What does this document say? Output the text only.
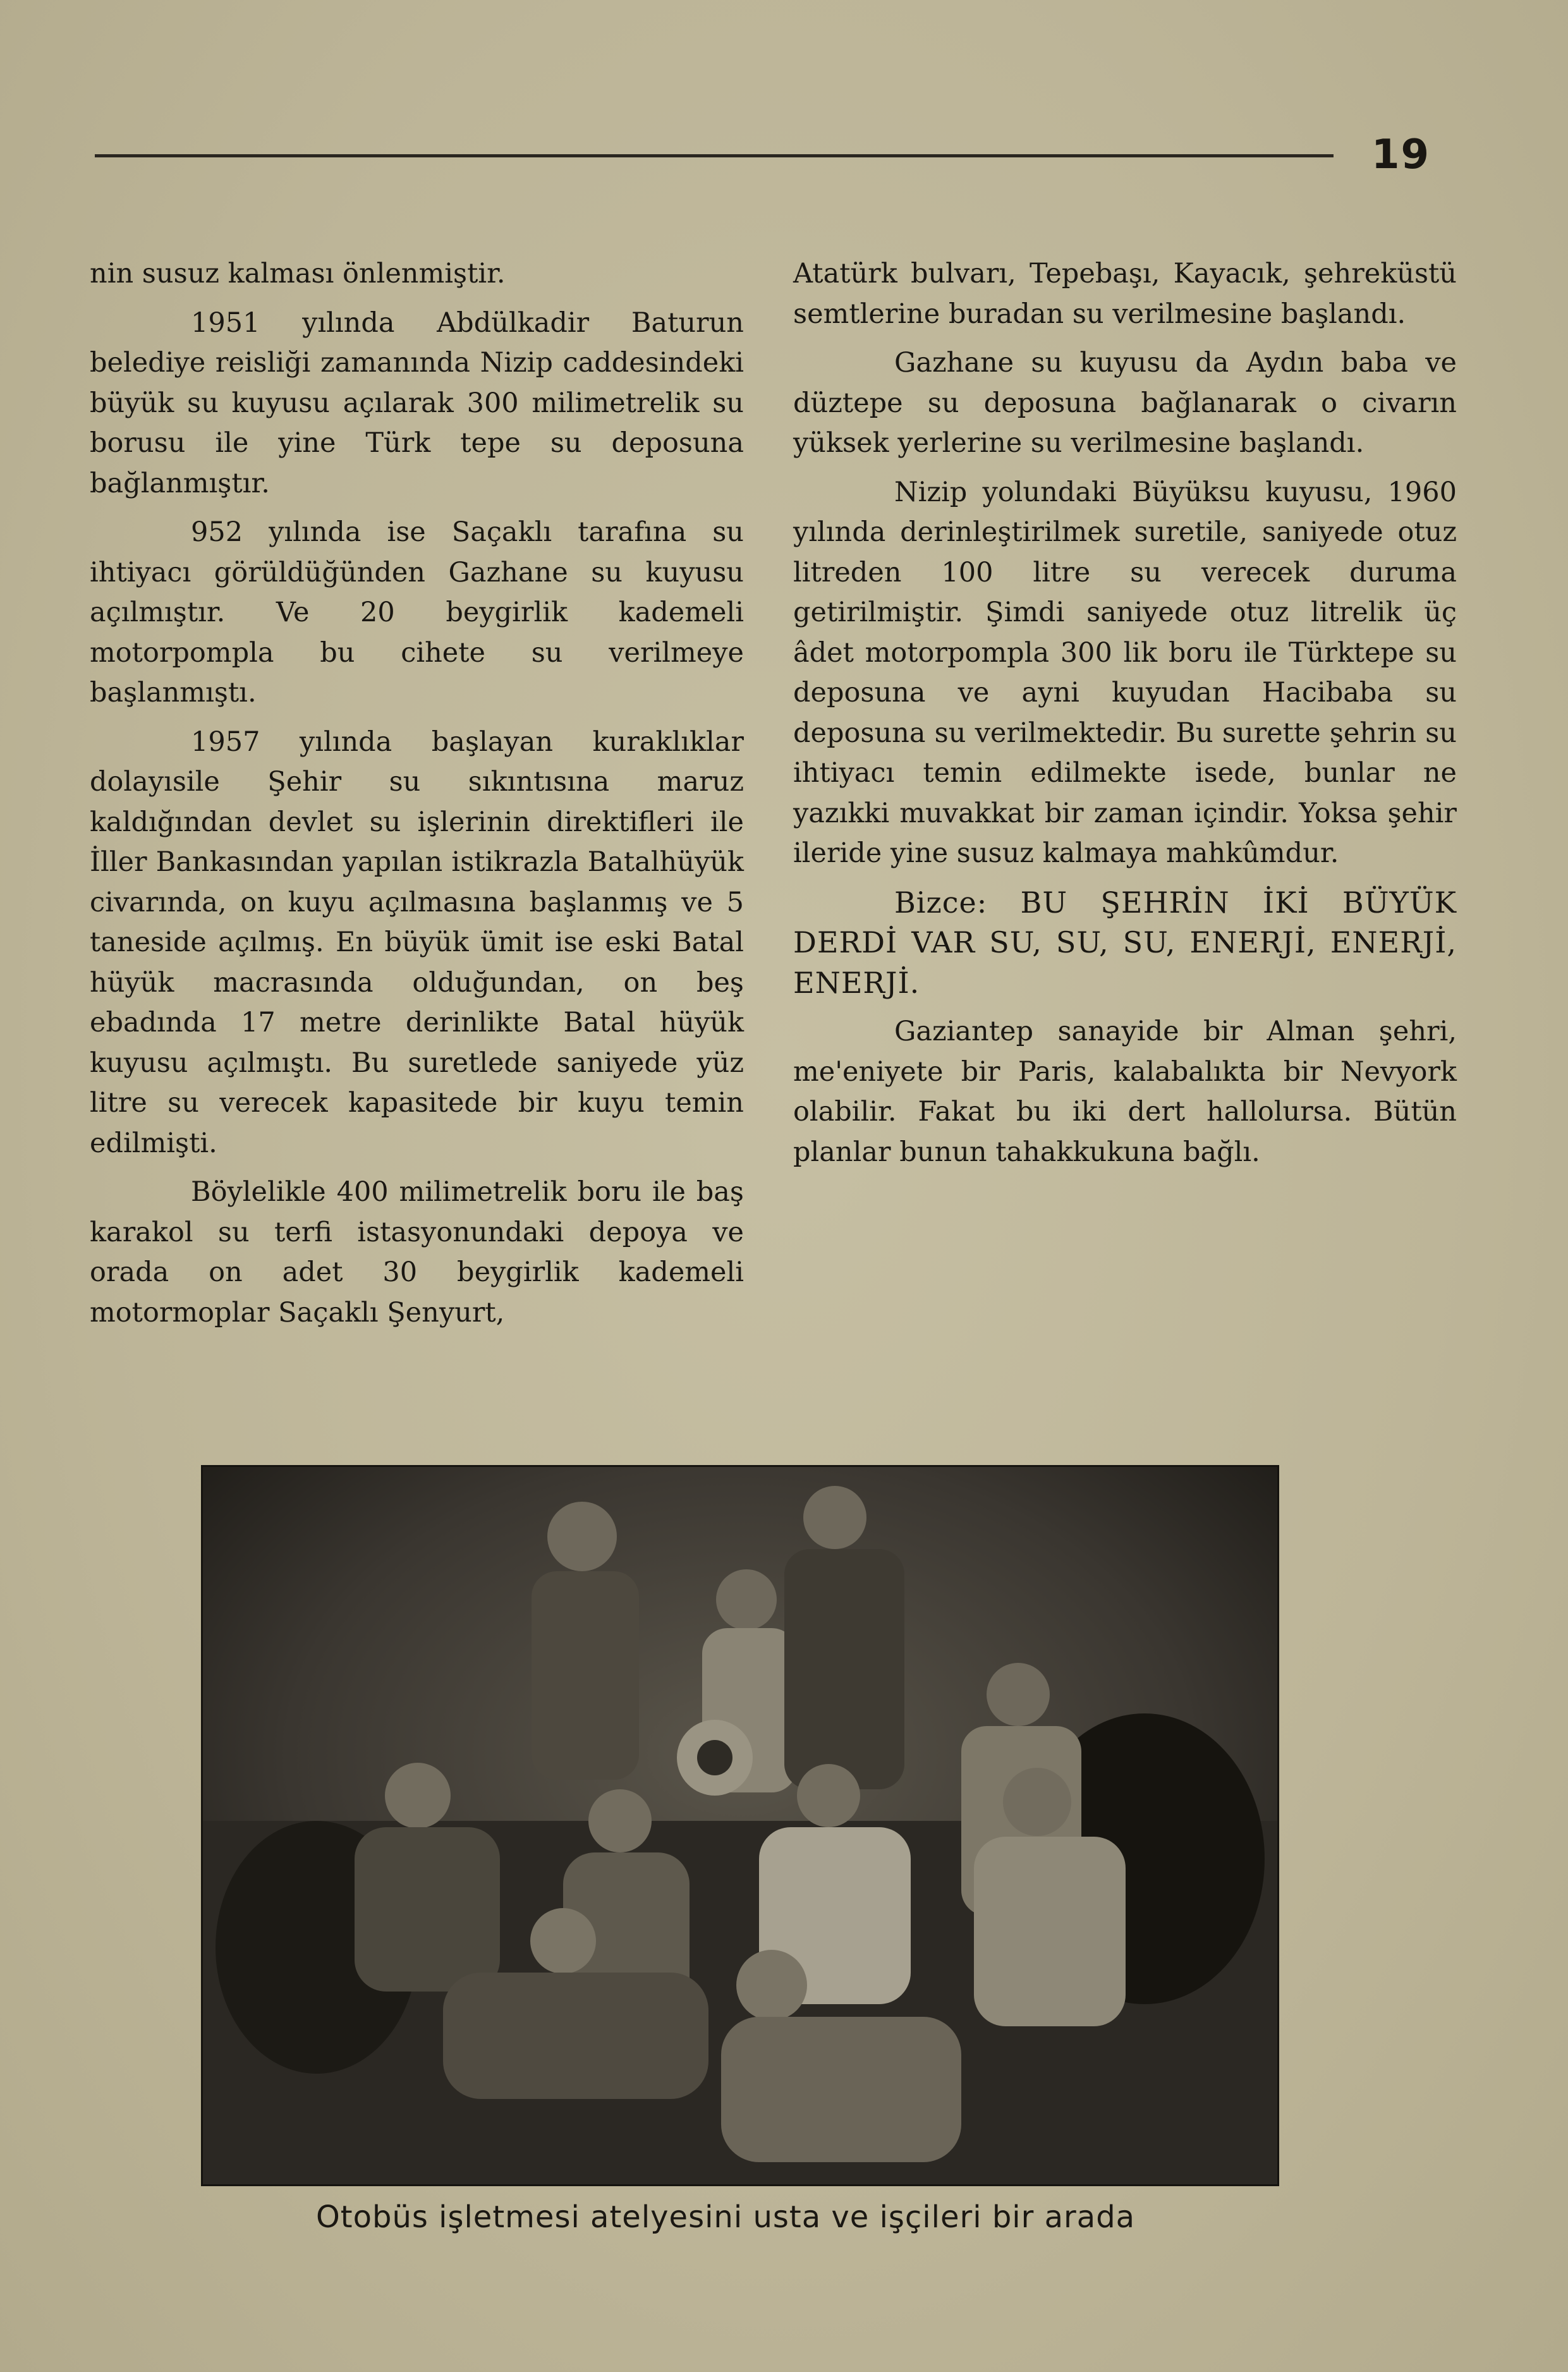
19

nin susuz kalması önlenmiştir.

1951 yılında Abdülkadir Baturun belediye reisliği zamanında Nizip caddesindeki büyük su kuyusu açılarak 300 milimetrelik su borusu ile yine Türk tepe su deposuna bağlanmıştır.

952 yılında ise Saçaklı tarafına su ihtiyacı görüldüğünden Gazhane su kuyusu açılmıştır. Ve 20 beygirlik kademeli motorpompla bu cihete su verilmeye başlanmıştı.

1957 yılında başlayan kuraklıklar dolayısile Şehir su sıkıntısına maruz kaldığından devlet su işlerinin direktifleri ile İller Bankasından yapılan istikrazla Batalhüyük civarında, on kuyu açılmasına başlanmış ve 5 taneside açılmış. En büyük ümit ise eski Batal hüyük macrasında olduğundan, on beş ebadında 17 metre derinlikte Batal hüyük kuyusu açılmıştı. Bu suretlede saniyede yüz litre su verecek kapasitede bir kuyu temin edilmişti.

Böylelikle 400 milimetrelik boru ile baş karakol su terfi istasyonundaki depoya ve orada on adet 30 beygirlik kademeli motormoplar Saçaklı Şenyurt,

Atatürk bulvarı, Tepebaşı, Kayacık, şehreküstü semtlerine buradan su verilmesine başlandı.

Gazhane su kuyusu da Aydın baba ve düztepe su deposuna bağlanarak o civarın yüksek yerlerine su verilmesine başlandı.

Nizip yolundaki Büyüksu kuyusu, 1960 yılında derinleştirilmek suretile, saniyede otuz litreden 100 litre su verecek duruma getirilmiştir. Şimdi saniyede otuz litrelik üç âdet motorpompla 300 lik boru ile Türktepe su deposuna ve ayni kuyudan Hacibaba su deposuna su verilmektedir. Bu surette şehrin su ihtiyacı temin edilmekte isede, bunlar ne yazıkki muvakkat bir zaman içindir. Yoksa şehir ileride yine susuz kalmaya mahkûmdur.

Bizce: BU ŞEHRİN İKİ BÜYÜK DERDİ VAR SU, SU, SU, ENERJİ, ENERJİ, ENERJİ.

Gaziantep sanayide bir Alman şehri, me'eniyete bir Paris, kalabalıkta bir Nevyork olabilir. Fakat bu iki dert hallolursa. Bütün planlar bunun tahakkukuna bağlı.

Otobüs işletmesi atelyesini usta ve işçileri bir arada
